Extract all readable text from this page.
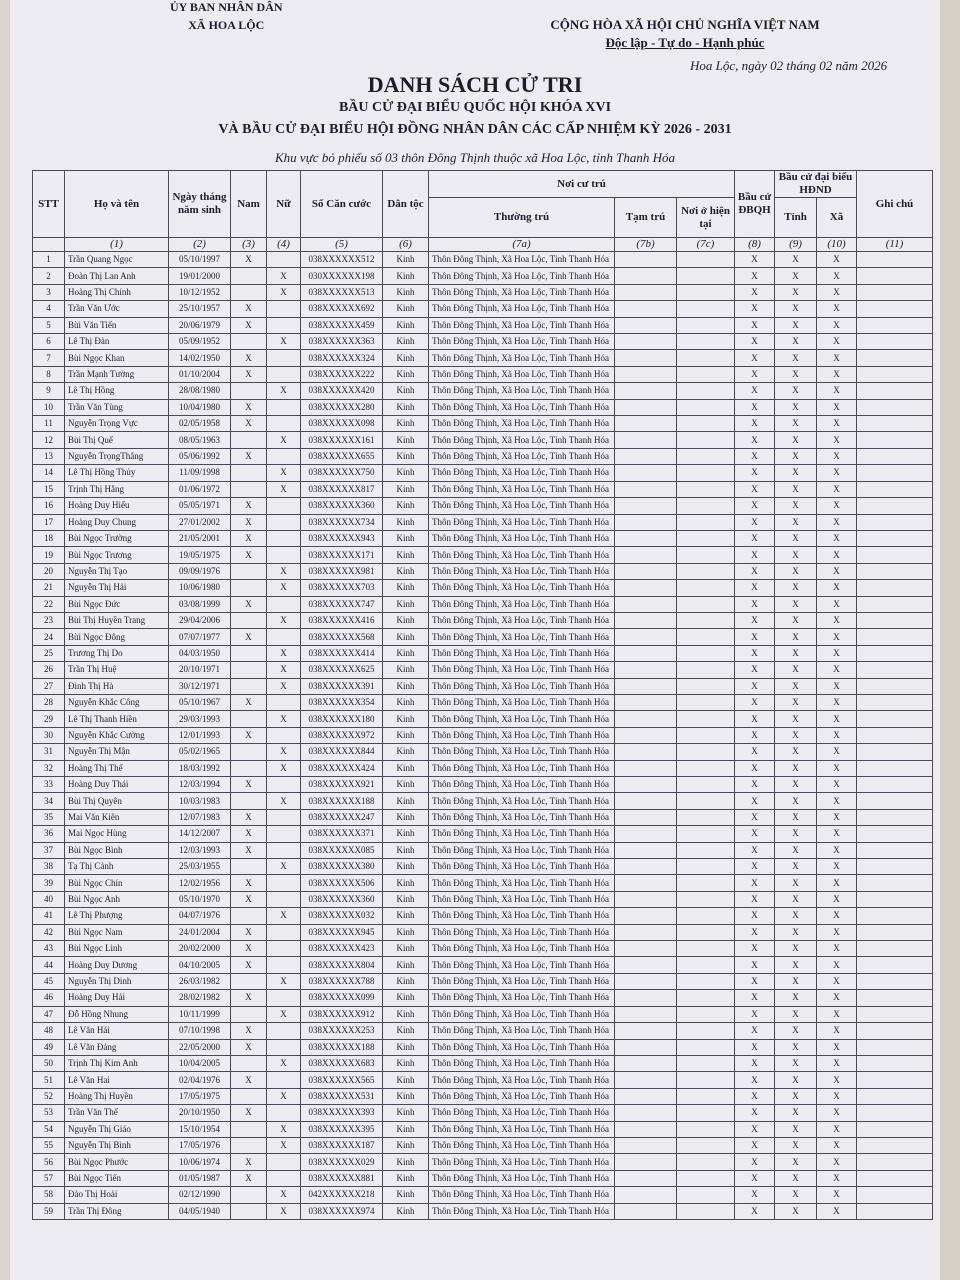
ỦY BAN NHÂN DÂN
XÃ HOA LỘC	CỘNG HÒA XÃ HỘI CHỦ NGHĨA VIỆT NAM
Độc lập - Tự do - Hạnh phúc
Hoa Lộc, ngày 02 tháng 02 năm 2026
DANH SÁCH CỬ TRI
BẦU CỬ ĐẠI BIỂU QUỐC HỘI KHÓA XVI
VÀ BẦU CỬ ĐẠI BIỂU HỘI ĐỒNG NHÂN DÂN CÁC CẤP NHIỆM KỲ 2026 - 2031
Khu vực bỏ phiếu số 03 thôn Đông Thịnh thuộc xã Hoa Lộc, tỉnh Thanh Hóa
STT	Họ và tên	Ngày tháng năm sinh	Nam	Nữ	Số Căn cước	Dân tộc	Nơi cư trú			Bầu cử ĐBQH	Bầu cử đại biểu HĐND		Ghi chú
							Thường trú	Tạm trú	Nơi ở hiện tại		Tỉnh	Xã	
	(1)	(2)	(3)	(4)	(5)	(6)	(7a)	(7b)	(7c)	(8)	(9)	(10)	(11)
1	Trần Quang Ngọc	05/10/1997	X		038XXXXXX512	Kinh	Thôn Đông Thịnh, Xã Hoa Lộc, Tỉnh Thanh Hóa			X	X	X	
2	Đoàn Thị Lan Anh	19/01/2000		X	030XXXXXX198	Kinh	Thôn Đông Thịnh, Xã Hoa Lộc, Tỉnh Thanh Hóa			X	X	X	
3	Hoàng Thị Chính	10/12/1952		X	038XXXXXX513	Kinh	Thôn Đông Thịnh, Xã Hoa Lộc, Tỉnh Thanh Hóa			X	X	X	
4	Trần Văn Ước	25/10/1957	X		038XXXXXX692	Kinh	Thôn Đông Thịnh, Xã Hoa Lộc, Tỉnh Thanh Hóa			X	X	X	
5	Bùi Văn Tiến	20/06/1979	X		038XXXXXX459	Kinh	Thôn Đông Thịnh, Xã Hoa Lộc, Tỉnh Thanh Hóa			X	X	X	
6	Lê Thị Đàn	05/09/1952		X	038XXXXXX363	Kinh	Thôn Đông Thịnh, Xã Hoa Lộc, Tỉnh Thanh Hóa			X	X	X	
7	Bùi Ngọc Khan	14/02/1950	X		038XXXXXX324	Kinh	Thôn Đông Thịnh, Xã Hoa Lộc, Tỉnh Thanh Hóa			X	X	X	
8	Trần Mạnh Tường	01/10/2004	X		038XXXXXX222	Kinh	Thôn Đông Thịnh, Xã Hoa Lộc, Tỉnh Thanh Hóa			X	X	X	
9	Lê Thị Hồng	28/08/1980		X	038XXXXXX420	Kinh	Thôn Đông Thịnh, Xã Hoa Lộc, Tỉnh Thanh Hóa			X	X	X	
10	Trần Văn Tùng	10/04/1980	X		038XXXXXX280	Kinh	Thôn Đông Thịnh, Xã Hoa Lộc, Tỉnh Thanh Hóa			X	X	X	
11	Nguyễn Trọng Vực	02/05/1958	X		038XXXXXX098	Kinh	Thôn Đông Thịnh, Xã Hoa Lộc, Tỉnh Thanh Hóa			X	X	X	
12	Bùi Thị Quế	08/05/1963		X	038XXXXXX161	Kinh	Thôn Đông Thịnh, Xã Hoa Lộc, Tỉnh Thanh Hóa			X	X	X	
13	Nguyễn TrọngThắng	05/06/1992	X		038XXXXXX655	Kinh	Thôn Đông Thịnh, Xã Hoa Lộc, Tỉnh Thanh Hóa			X	X	X	
14	Lê Thị Hồng Thủy	11/09/1998		X	038XXXXXX750	Kinh	Thôn Đông Thịnh, Xã Hoa Lộc, Tỉnh Thanh Hóa			X	X	X	
15	Trịnh Thị Hằng	01/06/1972		X	038XXXXXX817	Kinh	Thôn Đông Thịnh, Xã Hoa Lộc, Tỉnh Thanh Hóa			X	X	X	
16	Hoàng Duy Hiếu	05/05/1971	X		038XXXXXX360	Kinh	Thôn Đông Thịnh, Xã Hoa Lộc, Tỉnh Thanh Hóa			X	X	X	
17	Hoàng Duy Chung	27/01/2002	X		038XXXXXX734	Kinh	Thôn Đông Thịnh, Xã Hoa Lộc, Tỉnh Thanh Hóa			X	X	X	
18	Bùi Ngọc Trường	21/05/2001	X		038XXXXXX943	Kinh	Thôn Đông Thịnh, Xã Hoa Lộc, Tỉnh Thanh Hóa			X	X	X	
19	Bùi Ngọc Trương	19/05/1975	X		038XXXXXX171	Kinh	Thôn Đông Thịnh, Xã Hoa Lộc, Tỉnh Thanh Hóa			X	X	X	
20	Nguyễn Thị Tạo	09/09/1976		X	038XXXXXX981	Kinh	Thôn Đông Thịnh, Xã Hoa Lộc, Tỉnh Thanh Hóa			X	X	X	
21	Nguyễn Thị Hải	10/06/1980		X	038XXXXXX703	Kinh	Thôn Đông Thịnh, Xã Hoa Lộc, Tỉnh Thanh Hóa			X	X	X	
22	Bùi Ngọc Đức	03/08/1999	X		038XXXXXX747	Kinh	Thôn Đông Thịnh, Xã Hoa Lộc, Tỉnh Thanh Hóa			X	X	X	
23	Bùi Thị Huyền Trang	29/04/2006		X	038XXXXXX416	Kinh	Thôn Đông Thịnh, Xã Hoa Lộc, Tỉnh Thanh Hóa			X	X	X	
24	Bùi Ngọc Đông	07/07/1977	X		038XXXXXX568	Kinh	Thôn Đông Thịnh, Xã Hoa Lộc, Tỉnh Thanh Hóa			X	X	X	
25	Trương Thị Do	04/03/1950		X	038XXXXXX414	Kinh	Thôn Đông Thịnh, Xã Hoa Lộc, Tỉnh Thanh Hóa			X	X	X	
26	Trần Thị Huệ	20/10/1971		X	038XXXXXX625	Kinh	Thôn Đông Thịnh, Xã Hoa Lộc, Tỉnh Thanh Hóa			X	X	X	
27	Đinh Thị Hà	30/12/1971		X	038XXXXXX391	Kinh	Thôn Đông Thịnh, Xã Hoa Lộc, Tỉnh Thanh Hóa			X	X	X	
28	Nguyễn Khắc Công	05/10/1967	X		038XXXXXX354	Kinh	Thôn Đông Thịnh, Xã Hoa Lộc, Tỉnh Thanh Hóa			X	X	X	
29	Lê Thị Thanh Hiền	29/03/1993		X	038XXXXXX180	Kinh	Thôn Đông Thịnh, Xã Hoa Lộc, Tỉnh Thanh Hóa			X	X	X	
30	Nguyễn Khắc Cường	12/01/1993	X		038XXXXXX972	Kinh	Thôn Đông Thịnh, Xã Hoa Lộc, Tỉnh Thanh Hóa			X	X	X	
31	Nguyễn Thị Mận	05/02/1965		X	038XXXXXX844	Kinh	Thôn Đông Thịnh, Xã Hoa Lộc, Tỉnh Thanh Hóa			X	X	X	
32	Hoàng Thị Thế	18/03/1992		X	038XXXXXX424	Kinh	Thôn Đông Thịnh, Xã Hoa Lộc, Tỉnh Thanh Hóa			X	X	X	
33	Hoàng Duy Thái	12/03/1994	X		038XXXXXX921	Kinh	Thôn Đông Thịnh, Xã Hoa Lộc, Tỉnh Thanh Hóa			X	X	X	
34	Bùi Thị Quyên	10/03/1983		X	038XXXXXX188	Kinh	Thôn Đông Thịnh, Xã Hoa Lộc, Tỉnh Thanh Hóa			X	X	X	
35	Mai Văn Kiên	12/07/1983	X		038XXXXXX247	Kinh	Thôn Đông Thịnh, Xã Hoa Lộc, Tỉnh Thanh Hóa			X	X	X	
36	Mai Ngọc Hùng	14/12/2007	X		038XXXXXX371	Kinh	Thôn Đông Thịnh, Xã Hoa Lộc, Tỉnh Thanh Hóa			X	X	X	
37	Bùi Ngọc Bình	12/03/1993	X		038XXXXXX085	Kinh	Thôn Đông Thịnh, Xã Hoa Lộc, Tỉnh Thanh Hóa			X	X	X	
38	Tạ Thị Cảnh	25/03/1955		X	038XXXXXX380	Kinh	Thôn Đông Thịnh, Xã Hoa Lộc, Tỉnh Thanh Hóa			X	X	X	
39	Bùi Ngọc Chín	12/02/1956	X		038XXXXXX506	Kinh	Thôn Đông Thịnh, Xã Hoa Lộc, Tỉnh Thanh Hóa			X	X	X	
40	Bùi Ngọc Anh	05/10/1970	X		038XXXXXX360	Kinh	Thôn Đông Thịnh, Xã Hoa Lộc, Tỉnh Thanh Hóa			X	X	X	
41	Lê Thị Phượng	04/07/1976		X	038XXXXXX032	Kinh	Thôn Đông Thịnh, Xã Hoa Lộc, Tỉnh Thanh Hóa			X	X	X	
42	Bùi Ngọc Nam	24/01/2004	X		038XXXXXX945	Kinh	Thôn Đông Thịnh, Xã Hoa Lộc, Tỉnh Thanh Hóa			X	X	X	
43	Bùi Ngọc Linh	20/02/2000	X		038XXXXXX423	Kinh	Thôn Đông Thịnh, Xã Hoa Lộc, Tỉnh Thanh Hóa			X	X	X	
44	Hoàng Duy Dương	04/10/2005	X		038XXXXXX804	Kinh	Thôn Đông Thịnh, Xã Hoa Lộc, Tỉnh Thanh Hóa			X	X	X	
45	Nguyễn Thị Dinh	26/03/1982		X	038XXXXXX788	Kinh	Thôn Đông Thịnh, Xã Hoa Lộc, Tỉnh Thanh Hóa			X	X	X	
46	Hoàng Duy Hải	28/02/1982	X		038XXXXXX099	Kinh	Thôn Đông Thịnh, Xã Hoa Lộc, Tỉnh Thanh Hóa			X	X	X	
47	Đỗ Hồng Nhung	10/11/1999		X	038XXXXXX912	Kinh	Thôn Đông Thịnh, Xã Hoa Lộc, Tỉnh Thanh Hóa			X	X	X	
48	Lê Văn Hải	07/10/1998	X		038XXXXXX253	Kinh	Thôn Đông Thịnh, Xã Hoa Lộc, Tỉnh Thanh Hóa			X	X	X	
49	Lê Văn Đảng	22/05/2000	X		038XXXXXX188	Kinh	Thôn Đông Thịnh, Xã Hoa Lộc, Tỉnh Thanh Hóa			X	X	X	
50	Trịnh Thị Kim Anh	10/04/2005		X	038XXXXXX683	Kinh	Thôn Đông Thịnh, Xã Hoa Lộc, Tỉnh Thanh Hóa			X	X	X	
51	Lê Văn Hai	02/04/1976	X		038XXXXXX565	Kinh	Thôn Đông Thịnh, Xã Hoa Lộc, Tỉnh Thanh Hóa			X	X	X	
52	Hoàng Thị Huyền	17/05/1975		X	038XXXXXX531	Kinh	Thôn Đông Thịnh, Xã Hoa Lộc, Tỉnh Thanh Hóa			X	X	X	
53	Trần Văn Thế	20/10/1950	X		038XXXXXX393	Kinh	Thôn Đông Thịnh, Xã Hoa Lộc, Tỉnh Thanh Hóa			X	X	X	
54	Nguyễn Thị Giáo	15/10/1954		X	038XXXXXX395	Kinh	Thôn Đông Thịnh, Xã Hoa Lộc, Tỉnh Thanh Hóa			X	X	X	
55	Nguyễn Thị Bình	17/05/1976		X	038XXXXXX187	Kinh	Thôn Đông Thịnh, Xã Hoa Lộc, Tỉnh Thanh Hóa			X	X	X	
56	Bùi Ngọc Phước	10/06/1974	X		038XXXXXX029	Kinh	Thôn Đông Thịnh, Xã Hoa Lộc, Tỉnh Thanh Hóa			X	X	X	
57	Bùi Ngọc Tiến	01/05/1987	X		038XXXXXX881	Kinh	Thôn Đông Thịnh, Xã Hoa Lộc, Tỉnh Thanh Hóa			X	X	X	
58	Đào Thị Hoài	02/12/1990		X	042XXXXXX218	Kinh	Thôn Đông Thịnh, Xã Hoa Lộc, Tỉnh Thanh Hóa			X	X	X	
59	Trần Thị Đông	04/05/1940		X	038XXXXXX974	Kinh	Thôn Đông Thịnh, Xã Hoa Lộc, Tỉnh Thanh Hóa			X	X	X	
